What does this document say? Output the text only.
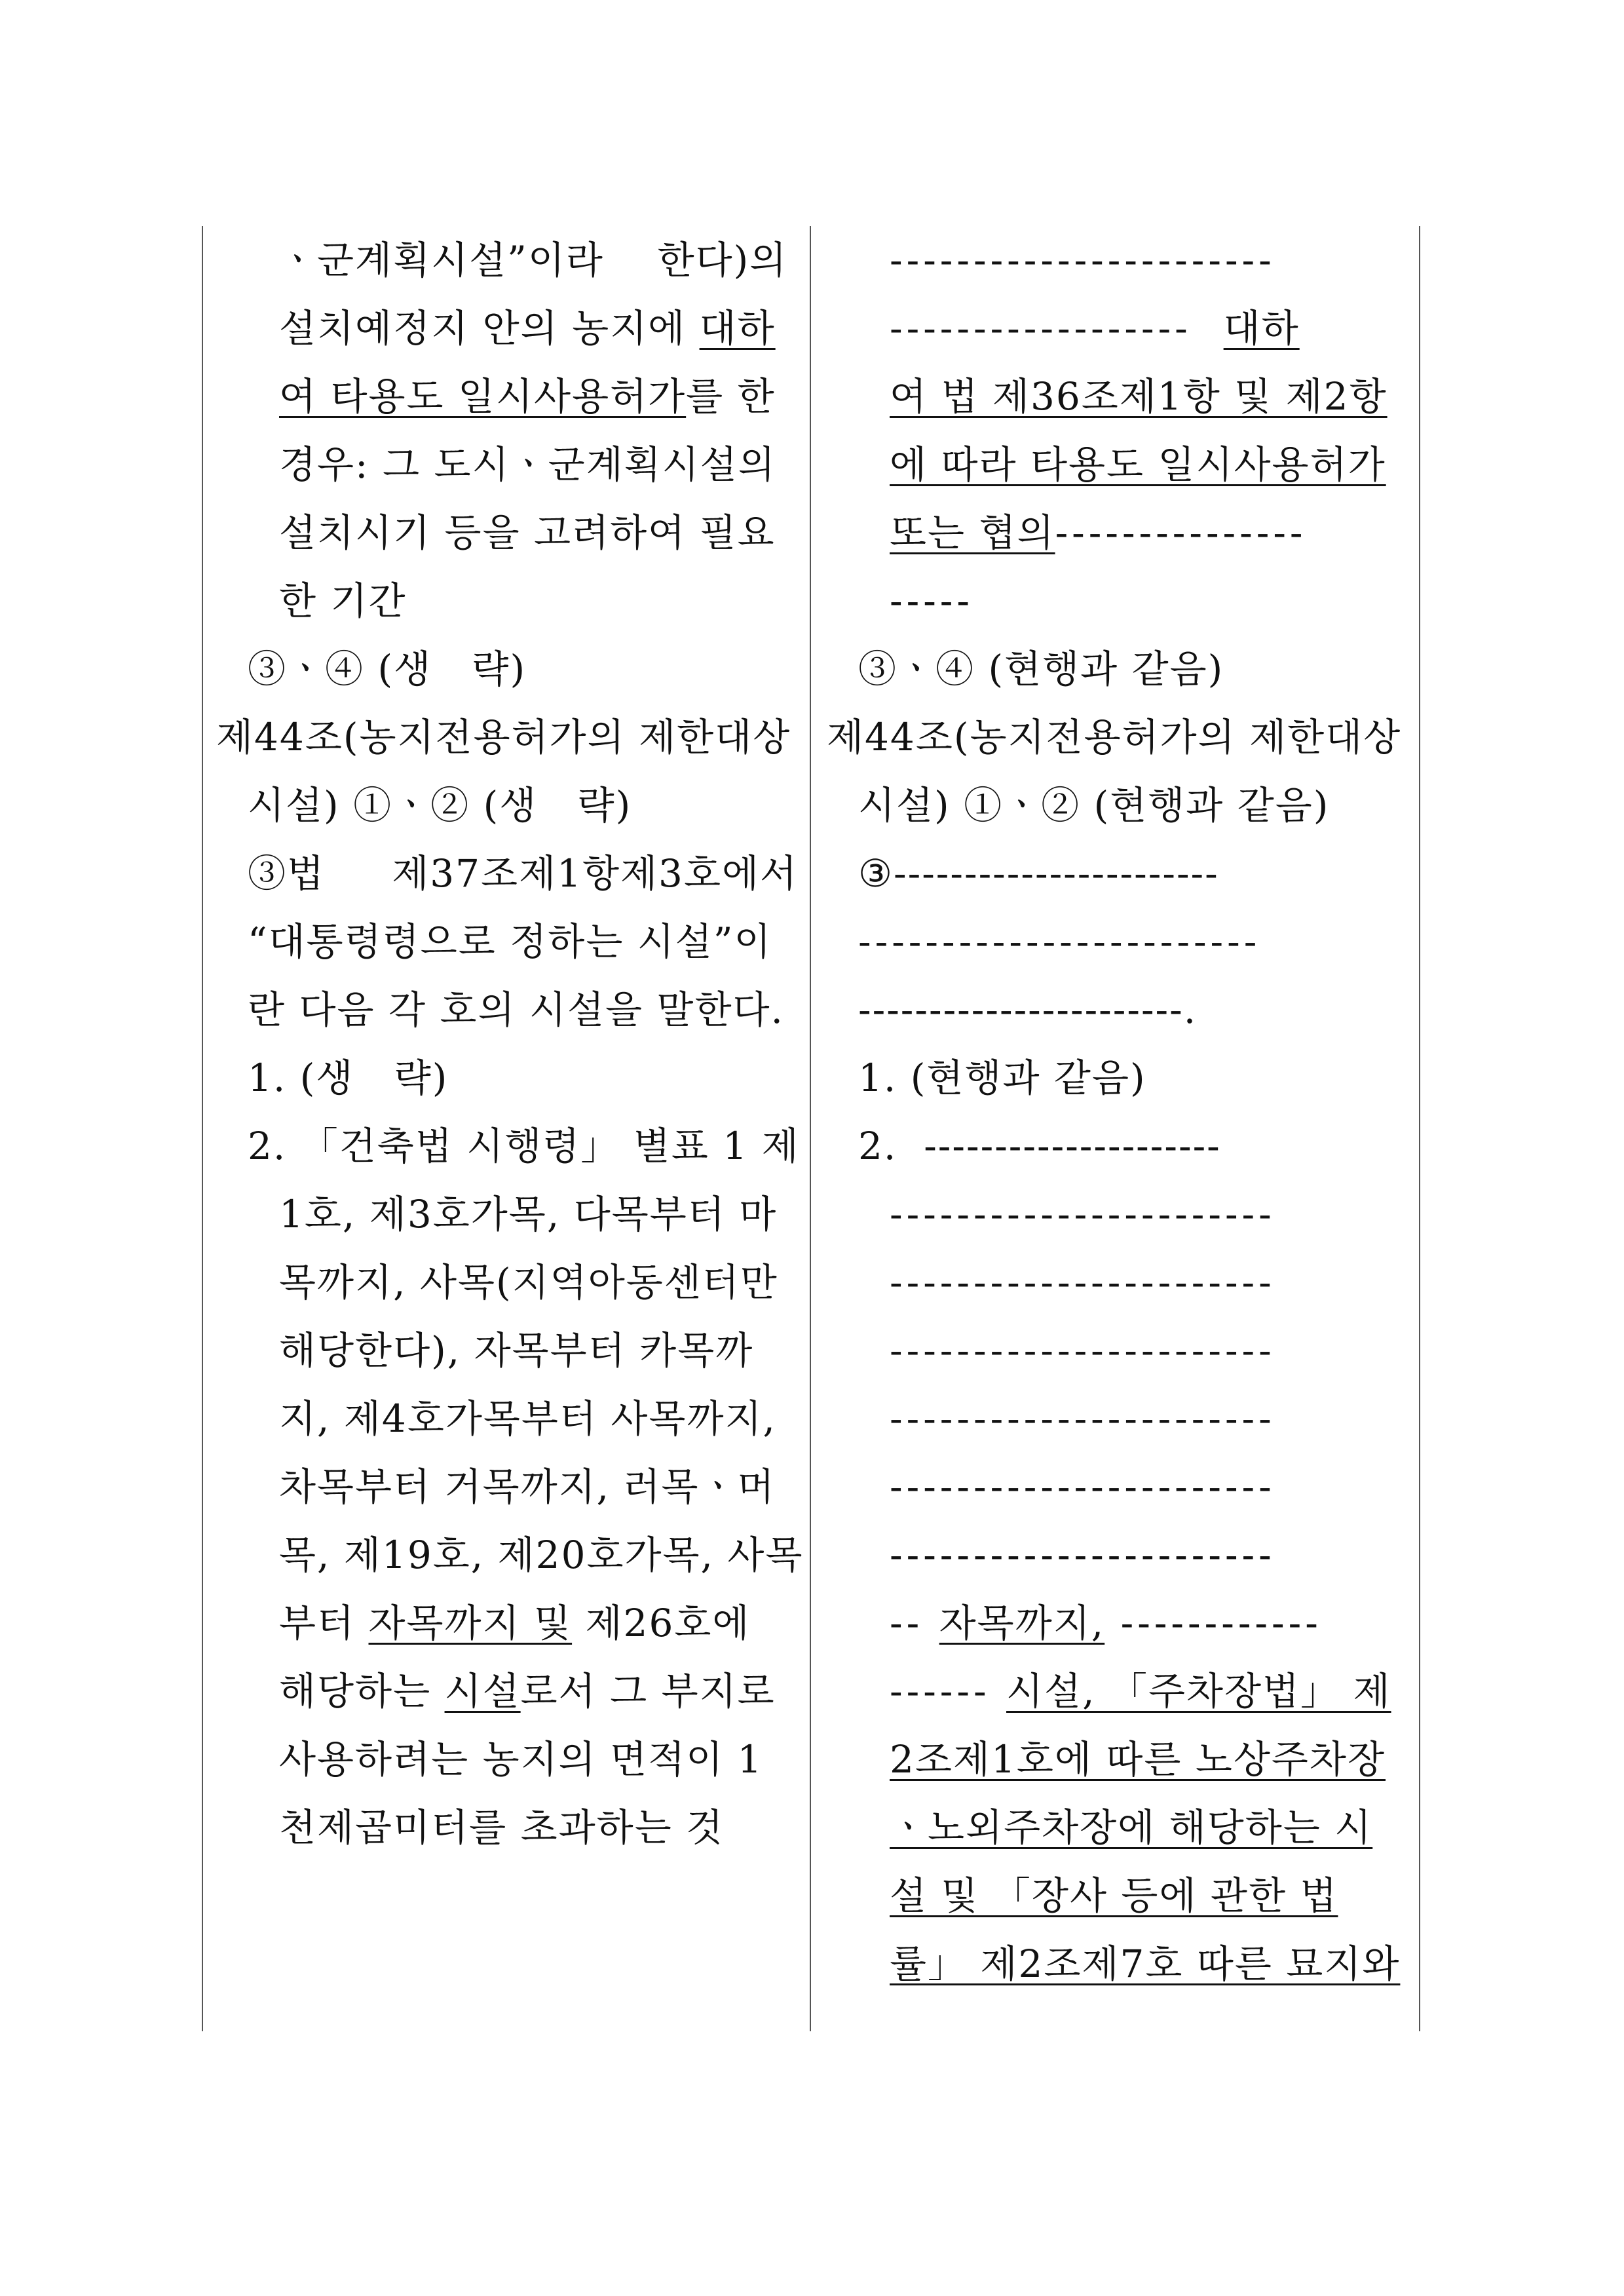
ㆍ군계획시설”이라    한다)의
설치예정지 안의 농지에 대하
여 타용도 일시사용허가를 한
경우: 그 도시ㆍ군계획시설의
설치시기 등을 고려하여 필요
한 기간
③ㆍ④ (생   략)
제44조(농지전용허가의 제한대상
시설) ①ㆍ② (생   략)
③법     제37조제1항제3호에서
“대통령령으로 정하는 시설”이
란 다음 각 호의 시설을 말한다.
1. (생   략)
2. 「건축법 시행령」 별표 1 제
1호, 제3호가목, 다목부터 마
목까지, 사목(지역아동센터만
해당한다), 자목부터 카목까
지, 제4호가목부터 사목까지,
차목부터 거목까지, 러목ㆍ머
목, 제19호, 제20호가목, 사목
부터 자목까지 및 제26호에
해당하는 시설로서 그 부지로
사용하려는 농지의 면적이 1
천제곱미터를 초과하는 것
-----------------------
------------------  대하
여 법 제36조제1항 및 제2항
에 따라 타용도 일시사용허가
또는 협의---------------
-----
③ㆍ④ (현행과 같음)
제44조(농지전용허가의 제한대상
시설) ①ㆍ② (현행과 같음)
③-----------------------
------------------------
-----------------------.
1. (현행과 같음)
2.  ---------------------
-----------------------
-----------------------
-----------------------
-----------------------
-----------------------
-----------------------
-- 자목까지, ------------
------ 시설, 「주차장법」 제
2조제1호에 따른 노상주차장
ㆍ노외주차장에 해당하는 시
설 및 「장사 등에 관한 법
률」 제2조제7호 따른 묘지와
